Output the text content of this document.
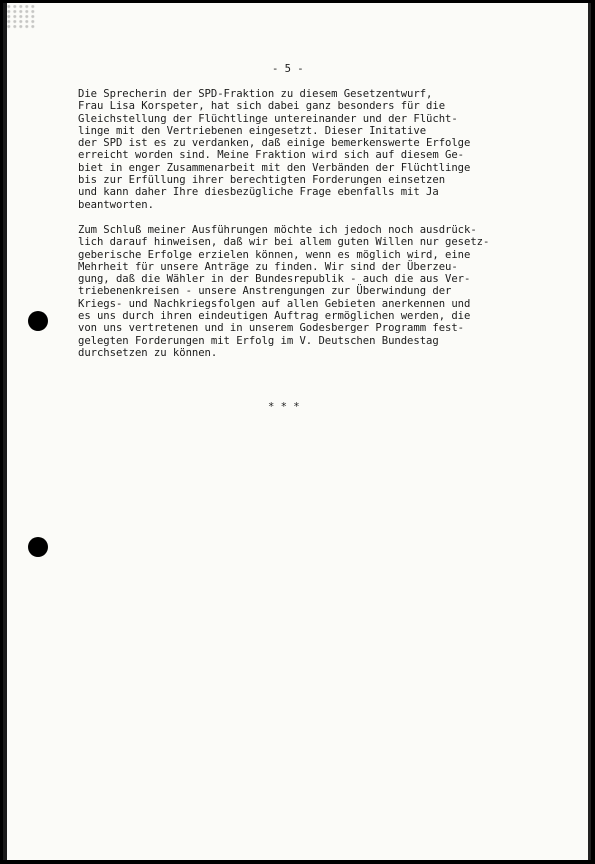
- 5 -
Die Sprecherin der SPD-Fraktion zu diesem Gesetzentwurf,
Frau Lisa Korspeter, hat sich dabei ganz besonders für die
Gleichstellung der Flüchtlinge untereinander und der Flücht-
linge mit den Vertriebenen eingesetzt. Dieser Initative
der SPD ist es zu verdanken, daß einige bemerkenswerte Erfolge
erreicht worden sind. Meine Fraktion wird sich auf diesem Ge-
biet in enger Zusammenarbeit mit den Verbänden der Flüchtlinge
bis zur Erfüllung ihrer berechtigten Forderungen einsetzen
und kann daher Ihre diesbezügliche Frage ebenfalls mit Ja
beantworten.
Zum Schluß meiner Ausführungen möchte ich jedoch noch ausdrück-
lich darauf hinweisen, daß wir bei allem guten Willen nur gesetz-
geberische Erfolge erzielen können, wenn es möglich wird, eine
Mehrheit für unsere Anträge zu finden. Wir sind der Überzeu-
gung, daß die Wähler in der Bundesrepublik - auch die aus Ver-
triebenenkreisen - unsere Anstrengungen zur Überwindung der
Kriegs- und Nachkriegsfolgen auf allen Gebieten anerkennen und
es uns durch ihren eindeutigen Auftrag ermöglichen werden, die
von uns vertretenen und in unserem Godesberger Programm fest-
gelegten Forderungen mit Erfolg im V. Deutschen Bundestag
durchsetzen zu können.
* * *
